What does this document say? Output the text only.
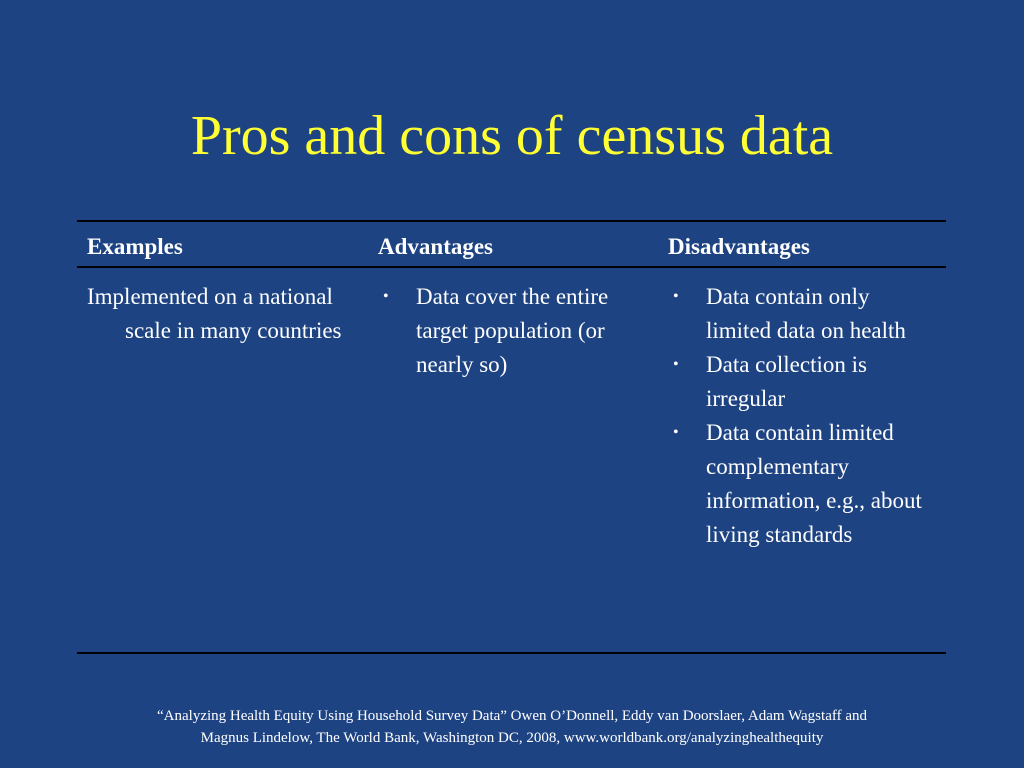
Pros and cons of census data
Examples	Advantages	Disadvantages

Implemented on a national scale in many countries

• Data cover the entire target population (or nearly so)
• Data contain only limited data on health
• Data collection is irregular
• Data contain limited complementary information, e.g., about living standards

“Analyzing Health Equity Using Household Survey Data” Owen O’Donnell, Eddy van Doorslaer, Adam Wagstaff and
Magnus Lindelow, The World Bank, Washington DC, 2008, www.worldbank.org/analyzinghealthequity
